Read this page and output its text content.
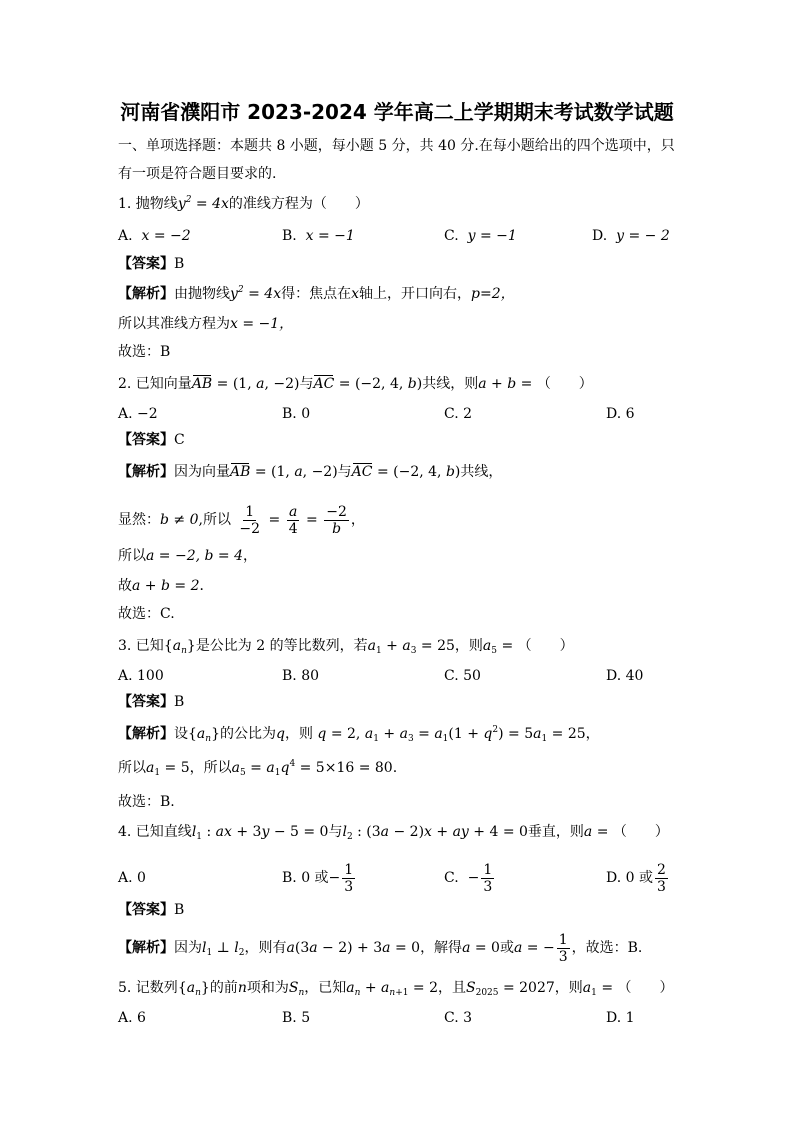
河南省濮阳市 2023-2024 学年高二上学期期末考试数学试题
一、单项选择题：本题共 8 小题，每小题 5 分，共 40 分.在每小题给出的四个选项中，只
有一项是符合题目要求的.
1. 抛物线$y^2 = 4x$的准线方程为（　　）
A. x = −2	B. x = −1	C. y = −1	D. y = − 2
【答案】B
【解析】由抛物线$y^2 = 4x$得：焦点在x轴上，开口向右，p=2，
所以其准线方程为x = −1，
故选：B
2. 已知向量AB = (1, a, −2)与AC = (−2, 4, b)共线，则a + b = （　　）
A. −2	B. 0	C. 2	D. 6
【答案】C
【解析】因为向量AB = (1, a, −2)与AC = (−2, 4, b)共线，
显然：b ≠ 0,所以 $\frac{1}{-2} = \frac{a}{4} = \frac{-2}{b}$ ，
所以a = −2, b = 4，
故a + b = 2．
故选：C.
3. 已知$\{a_n\}$是公比为 2 的等比数列，若$a_1 + a_3 = 25$，则$a_5$ = （　　）
A. 100	B. 80	C. 50	D. 40
【答案】B
【解析】设$\{a_n\}$的公比为q，则 q = 2, $a_1 + a_3 = a_1(1 + q^2) = 5a_1 = 25$，
所以$a_1 = 5$，所以$a_5 = a_1q^4 = 5\times 16 = 80$.
故选：B.
4. 已知直线$l_1$ : ax + 3y − 5 = 0与$l_2$ : (3a − 2)x + ay + 4 = 0垂直，则a = （　　）
A. 0	B. 0 或− $\frac{1}{3}$	C.  − $\frac{1}{3}$	D. 0 或 $\frac{2}{3}$
【答案】B
【解析】因为$l_1$ ⊥ $l_2$，则有a(3a − 2) + 3a = 0，解得a = 0或a = − $\frac{1}{3}$ ，故选：B.
5. 记数列$\{a_n\}$的前n项和为$S_n$，已知$a_n + a_{n+1} = 2$，且$S_{2025} = 2027$，则$a_1$ = （　　）
A. 6	B. 5	C. 3	D. 1
